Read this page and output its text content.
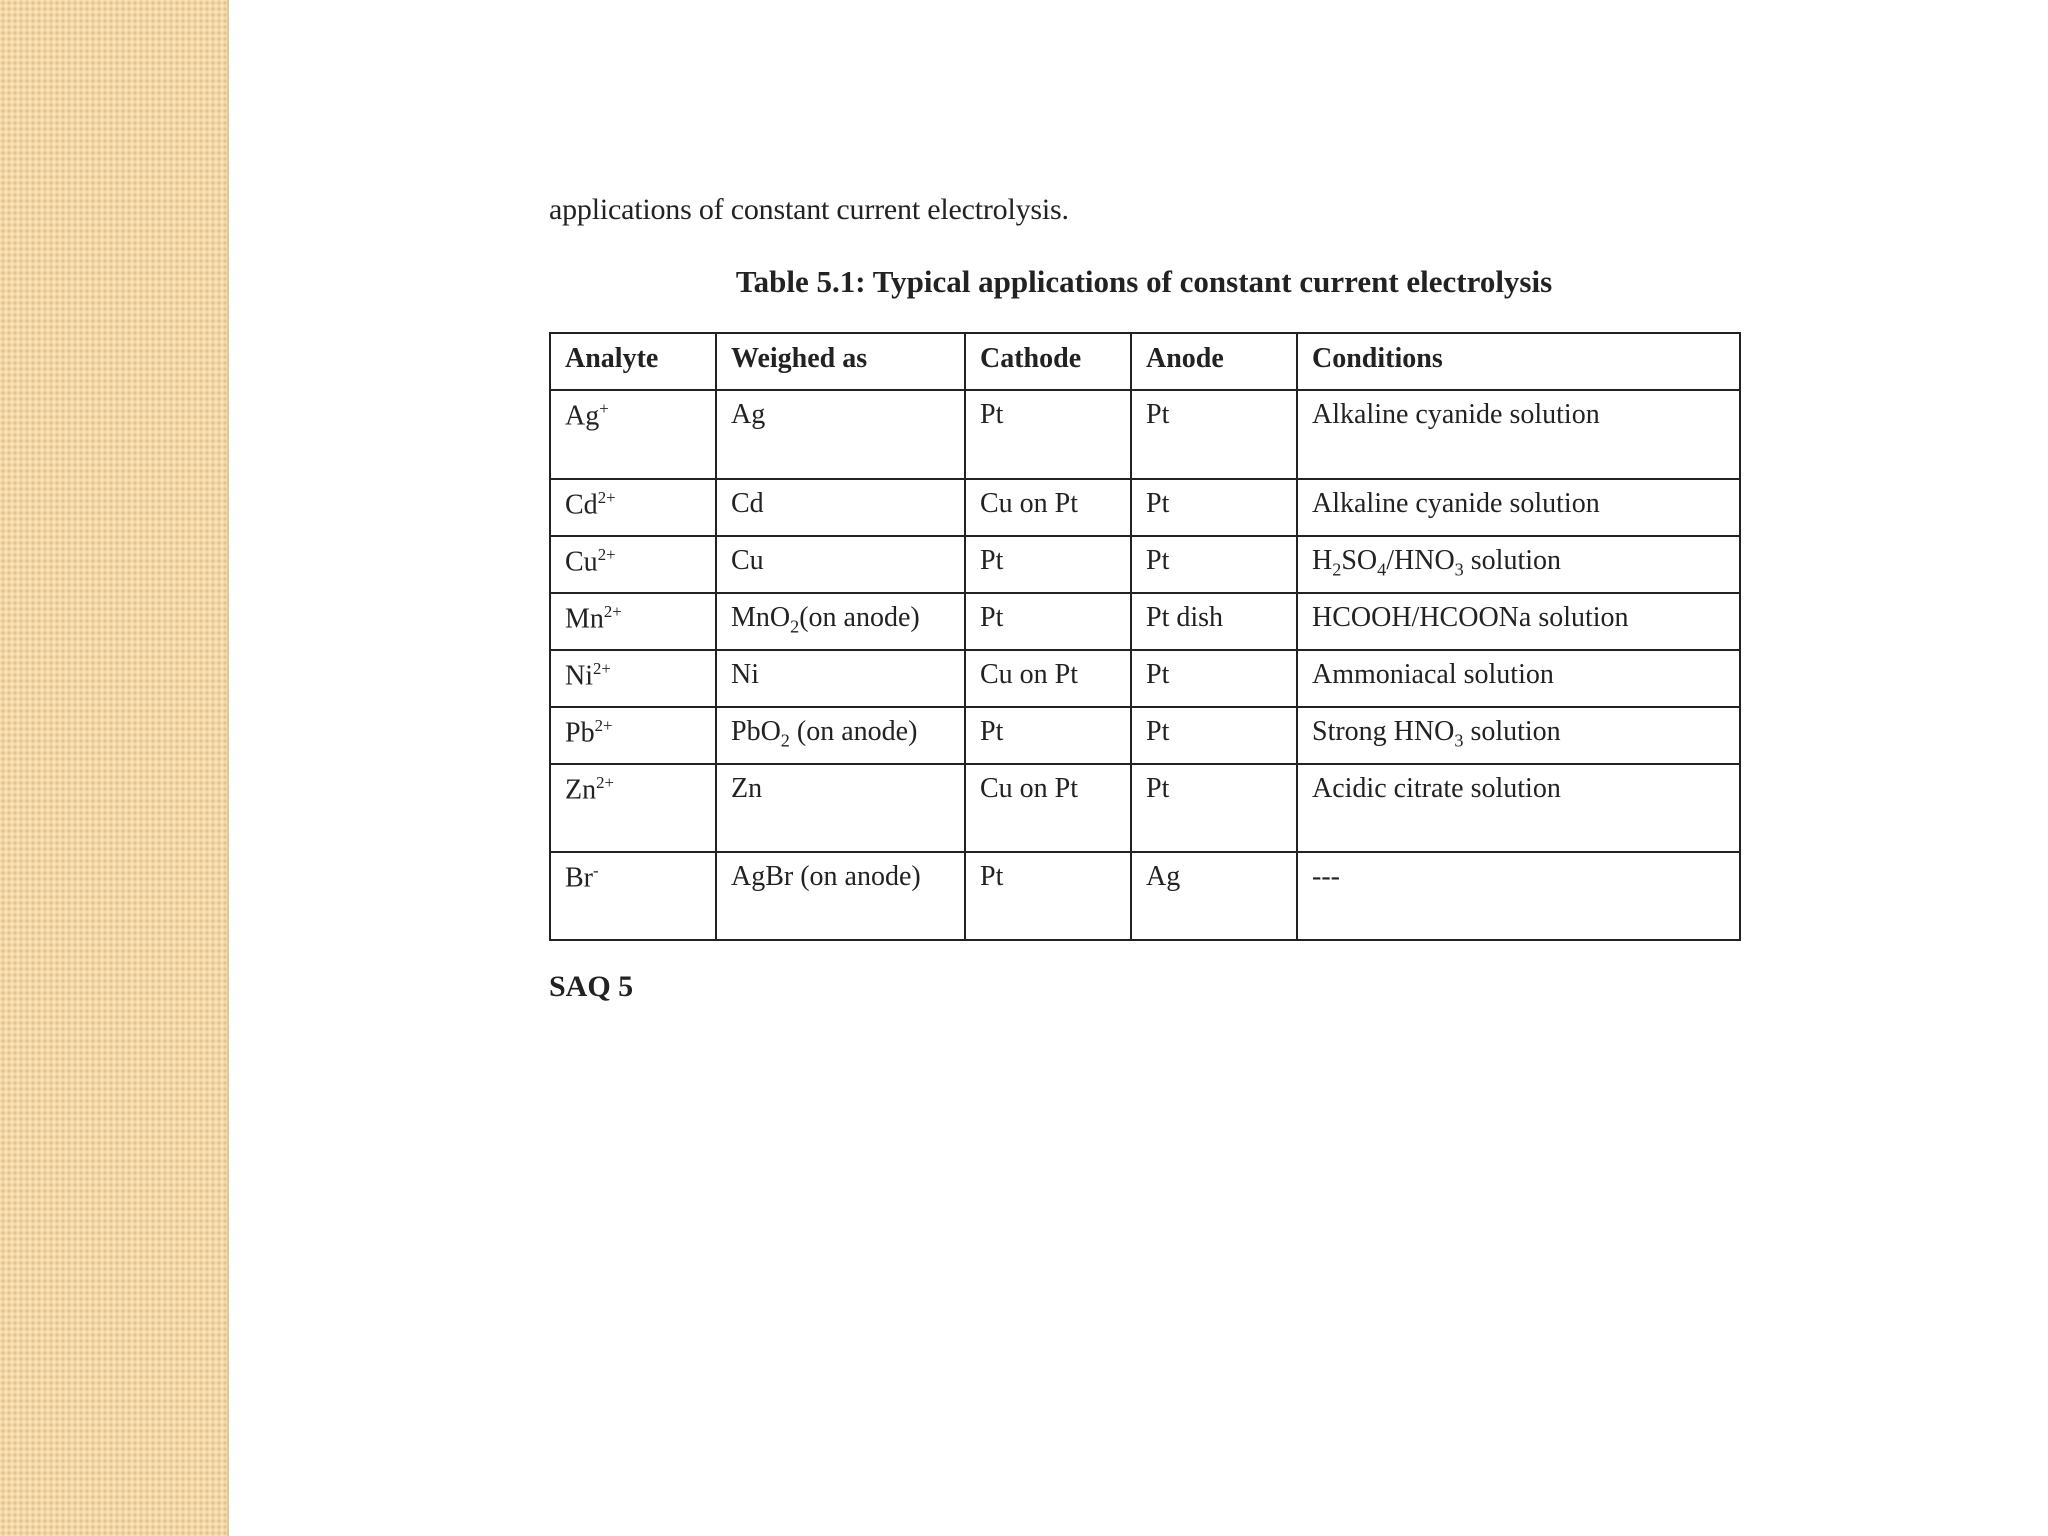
applications of constant current electrolysis.

Table 5.1: Typical applications of constant current electrolysis
Analyte	Weighed as	Cathode	Anode	Conditions
Ag+	Ag	Pt	Pt	Alkaline cyanide solution
$Cd^{2+}$	Cd	Cu on Pt	Pt	Alkaline cyanide solution
$Cu^{2+}$	Cu	Pt	Pt	$H_2SO_4/HNO_3$ solution
$Mn^{2+}$	MnO$_2$(on anode)	Pt	Pt dish	HCOOH/HCOONa solution
$Ni^{2+}$	Ni	Cu on Pt	Pt	Ammoniacal solution
$Pb^{2+}$	PbO$_2$ (on anode)	Pt	Pt	Strong $HNO_3$ solution
$Zn^{2+}$	Zn	Cu on Pt	Pt	Acidic citrate solution
Br-	AgBr (on anode)	Pt	Ag	---
SAQ 5
